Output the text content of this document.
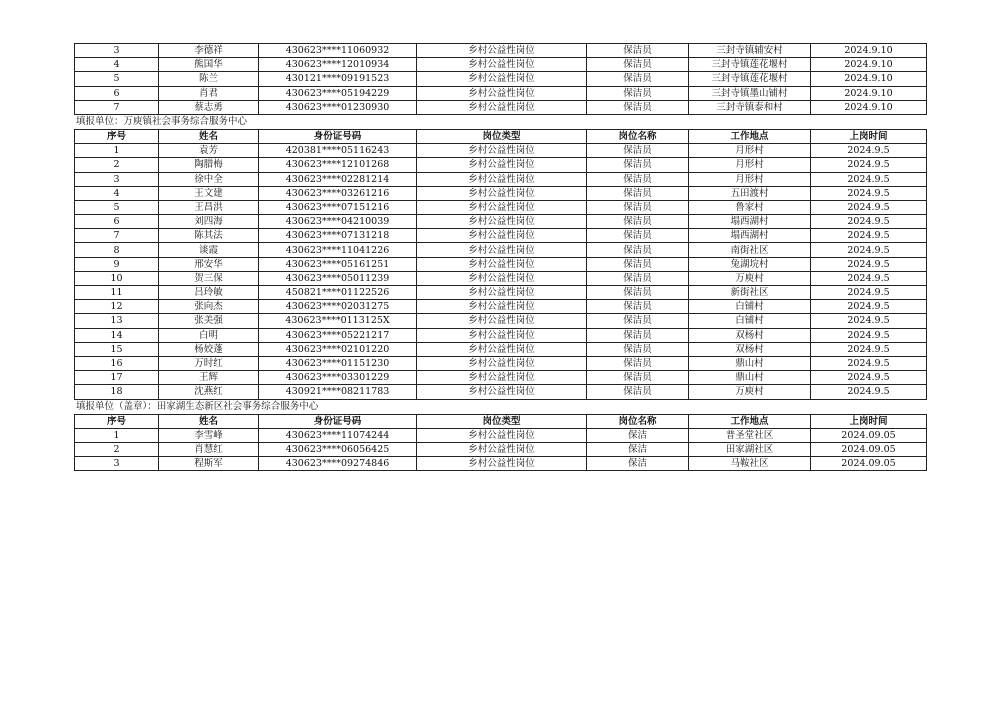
3	李德祥	430623****11060932	乡村公益性岗位	保洁员	三封寺镇辅安村	2024.9.10
4	熊国华	430623****12010934	乡村公益性岗位	保洁员	三封寺镇莲花堰村	2024.9.10
5	陈兰	430121****09191523	乡村公益性岗位	保洁员	三封寺镇莲花堰村	2024.9.10
6	肖君	430623****05194229	乡村公益性岗位	保洁员	三封寺镇墨山铺村	2024.9.10
7	蔡志勇	430623****01230930	乡村公益性岗位	保洁员	三封寺镇泰和村	2024.9.10
填报单位：万庾镇社会事务综合服务中心
序号	姓名	身份证号码	岗位类型	岗位名称	工作地点	上岗时间
1	袁芳	420381****05116243	乡村公益性岗位	保洁员	月形村	2024.9.5
2	陶腊梅	430623****12101268	乡村公益性岗位	保洁员	月形村	2024.9.5
3	徐中全	430623****02281214	乡村公益性岗位	保洁员	月形村	2024.9.5
4	王文建	430623****03261216	乡村公益性岗位	保洁员	五田渡村	2024.9.5
5	王昌洪	430623****07151216	乡村公益性岗位	保洁员	鲁家村	2024.9.5
6	刘四海	430623****04210039	乡村公益性岗位	保洁员	塌西湖村	2024.9.5
7	陈其法	430623****07131218	乡村公益性岗位	保洁员	塌西湖村	2024.9.5
8	谈霞	430623****11041226	乡村公益性岗位	保洁员	南街社区	2024.9.5
9	邢安华	430623****05161251	乡村公益性岗位	保洁员	兔湖垸村	2024.9.5
10	贺三保	430623****05011239	乡村公益性岗位	保洁员	万庾村	2024.9.5
11	吕玲敏	450821****01122526	乡村公益性岗位	保洁员	新街社区	2024.9.5
12	张向杰	430623****02031275	乡村公益性岗位	保洁员	白铺村	2024.9.5
13	张美强	430623****0113125X	乡村公益性岗位	保洁员	白铺村	2024.9.5
14	白明	430623****05221217	乡村公益性岗位	保洁员	双杨村	2024.9.5
15	杨姣蓬	430623****02101220	乡村公益性岗位	保洁员	双杨村	2024.9.5
16	万时红	430623****01151230	乡村公益性岗位	保洁员	鼎山村	2024.9.5
17	王辉	430623****03301229	乡村公益性岗位	保洁员	鼎山村	2024.9.5
18	沈燕红	430921****08211783	乡村公益性岗位	保洁员	万庾村	2024.9.5
填报单位（盖章）：田家湖生态新区社会事务综合服务中心
序号	姓名	身份证号码	岗位类型	岗位名称	工作地点	上岗时间
1	李雪峰	430623****11074244	乡村公益性岗位	保洁	普圣堂社区	2024.09.05
2	肖慧红	430623****06056425	乡村公益性岗位	保洁	田家湖社区	2024.09.05
3	程斯军	430623****09274846	乡村公益性岗位	保洁	马鞍社区	2024.09.05
